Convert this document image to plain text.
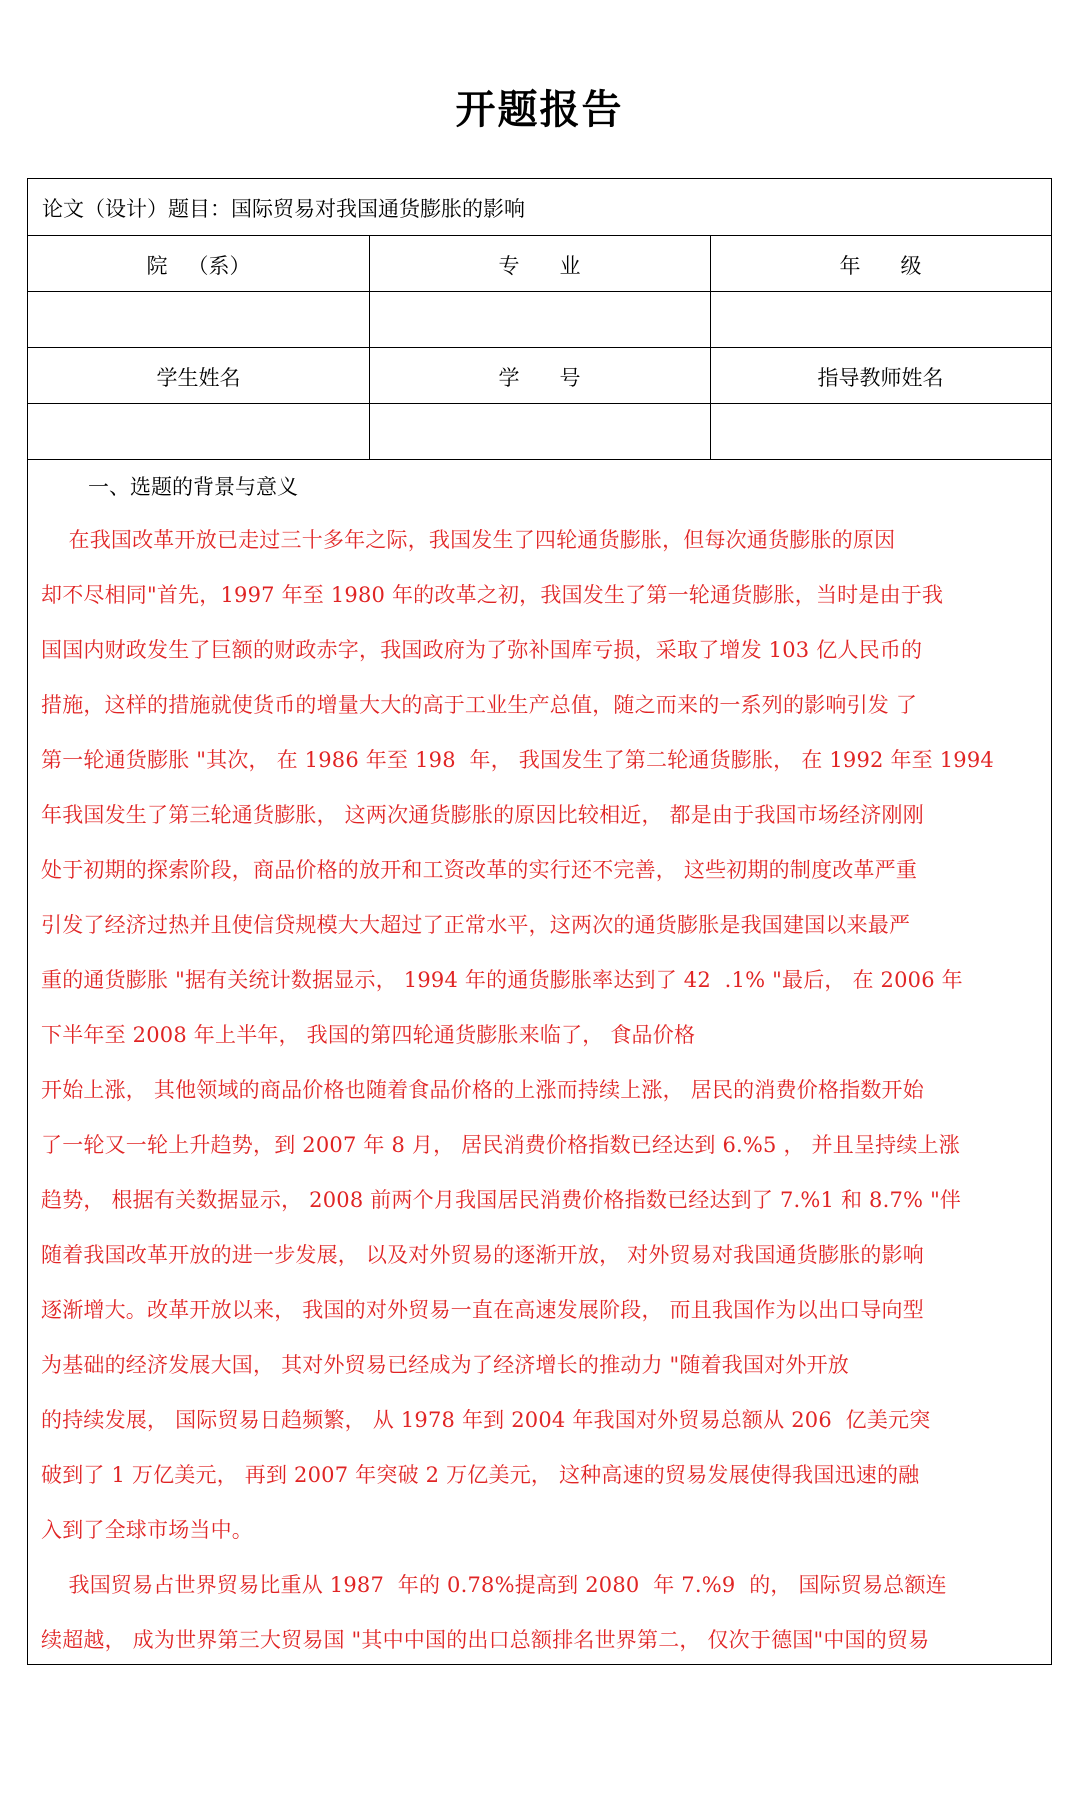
开题报告
论文（设计）题目：国际贸易对我国通货膨胀的影响
院   （系）	专      业	年      级
学生姓名	学      号	指导教师姓名
一、选题的背景与意义
在我国改革开放已走过三十多年之际，我国发生了四轮通货膨胀，但每次通货膨胀的原因
却不尽相同"首先，1997 年至 1980 年的改革之初，我国发生了第一轮通货膨胀，当时是由于我
国国内财政发生了巨额的财政赤字，我国政府为了弥补国库亏损，采取了增发 103 亿人民币的
措施，这样的措施就使货币的增量大大的高于工业生产总值，随之而来的一系列的影响引发 了
第一轮通货膨胀 "其次， 在 1986 年至 198  年， 我国发生了第二轮通货膨胀， 在 1992 年至 1994
年我国发生了第三轮通货膨胀， 这两次通货膨胀的原因比较相近， 都是由于我国市场经济刚刚
处于初期的探索阶段，商品价格的放开和工资改革的实行还不完善， 这些初期的制度改革严重
引发了经济过热并且使信贷规模大大超过了正常水平，这两次的通货膨胀是我国建国以来最严
重的通货膨胀 "据有关统计数据显示， 1994 年的通货膨胀率达到了 42  .1% "最后， 在 2006 年
下半年至 2008 年上半年， 我国的第四轮通货膨胀来临了， 食品价格
开始上涨， 其他领域的商品价格也随着食品价格的上涨而持续上涨， 居民的消费价格指数开始
了一轮又一轮上升趋势，到 2007 年 8 月， 居民消费价格指数已经达到 6.%5 ， 并且呈持续上涨
趋势， 根据有关数据显示， 2008 前两个月我国居民消费价格指数已经达到了 7.%1 和 8.7% "伴
随着我国改革开放的进一步发展， 以及对外贸易的逐渐开放， 对外贸易对我国通货膨胀的影响
逐渐增大。改革开放以来， 我国的对外贸易一直在高速发展阶段， 而且我国作为以出口导向型
为基础的经济发展大国， 其对外贸易已经成为了经济增长的推动力 "随着我国对外开放
的持续发展， 国际贸易日趋频繁， 从 1978 年到 2004 年我国对外贸易总额从 206  亿美元突
破到了 1 万亿美元， 再到 2007 年突破 2 万亿美元， 这种高速的贸易发展使得我国迅速的融
入到了全球市场当中。
我国贸易占世界贸易比重从 1987  年的 0.78%提高到 2080  年 7.%9  的， 国际贸易总额连
续超越， 成为世界第三大贸易国 "其中中国的出口总额排名世界第二， 仅次于德国"中国的贸易
